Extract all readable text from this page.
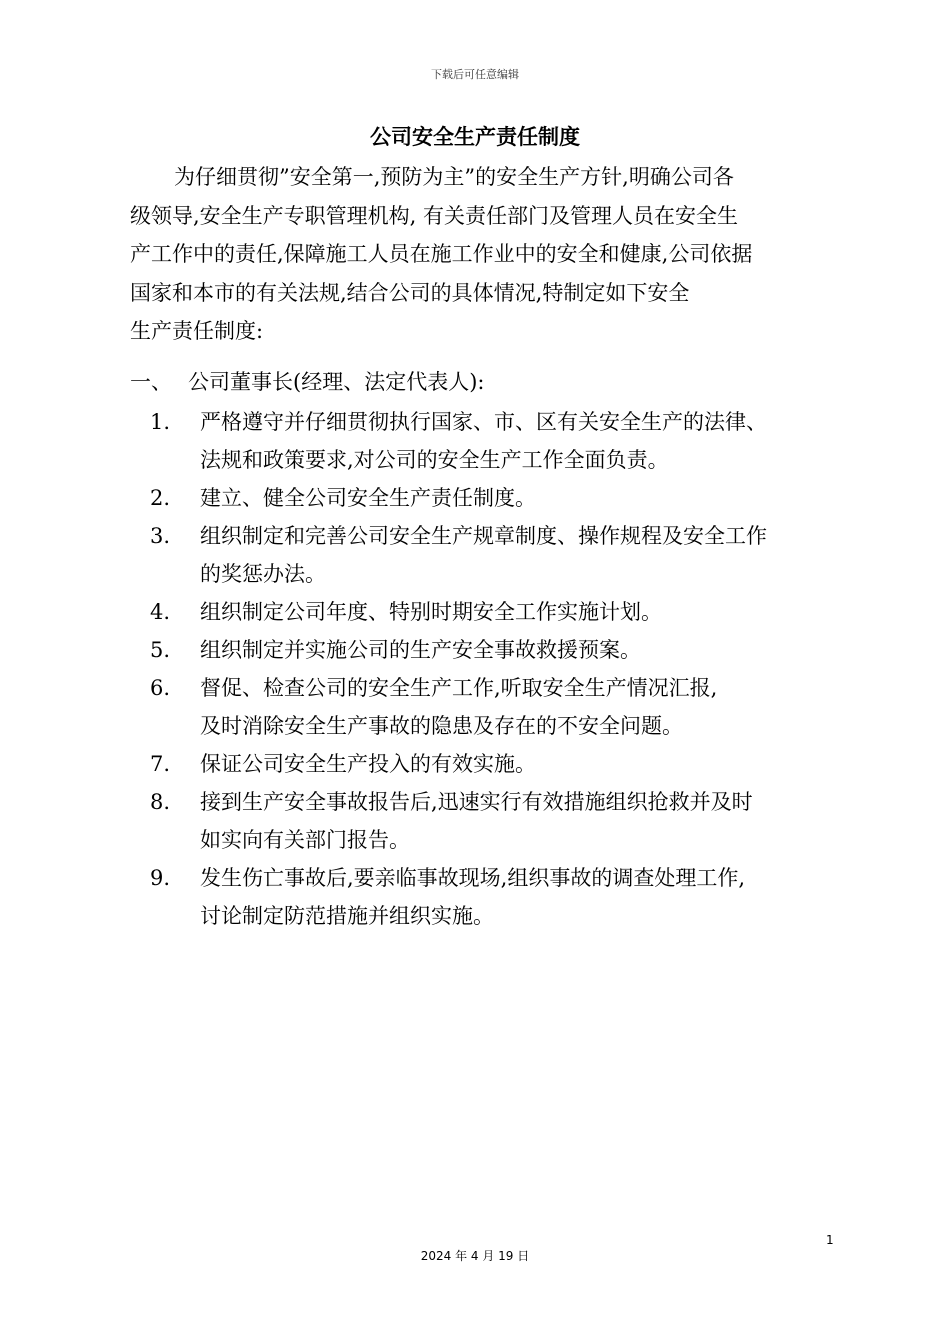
下载后可任意编辑
公司安全生产责任制度
为仔细贯彻”安全第一,预防为主”的安全生产方针,明确公司各
级领导,安全生产专职管理机构, 有关责任部门及管理人员在安全生
产工作中的责任,保障施工人员在施工作业中的安全和健康,公司依据
国家和本市的有关法规,结合公司的具体情况,特制定如下安全
生产责任制度:
一、 公司董事长(经理、法定代表人):
1.	严格遵守并仔细贯彻执行国家、市、区有关安全生产的法律、
法规和政策要求,对公司的安全生产工作全面负责。
2.	建立、健全公司安全生产责任制度。
3.	组织制定和完善公司安全生产规章制度、操作规程及安全工作
的奖惩办法。
4.	组织制定公司年度、特别时期安全工作实施计划。
5.	组织制定并实施公司的生产安全事故救援预案。
6.	督促、检查公司的安全生产工作,听取安全生产情况汇报,
及时消除安全生产事故的隐患及存在的不安全问题。
7.	保证公司安全生产投入的有效实施。
8.	接到生产安全事故报告后,迅速实行有效措施组织抢救并及时
如实向有关部门报告。
9.	发生伤亡事故后,要亲临事故现场,组织事故的调查处理工作,
讨论制定防范措施并组织实施。
1
2024 年 4 月 19 日
